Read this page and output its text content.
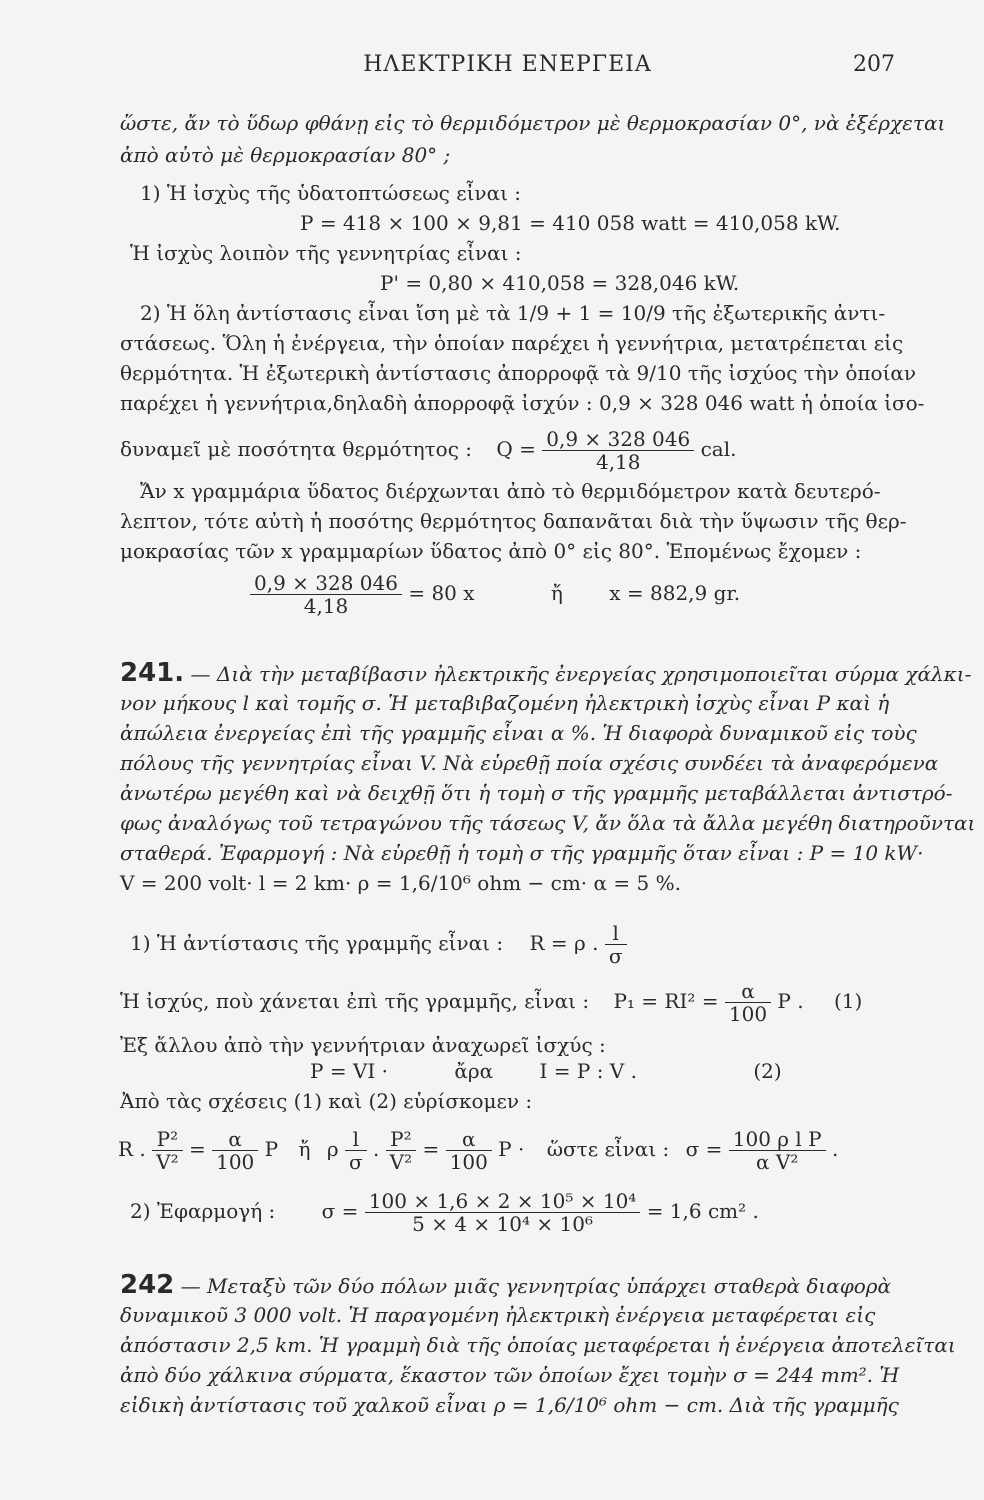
ΗΛΕΚΤΡΙΚΗ ΕΝΕΡΓΕΙΑ	207
ὥστε, ἄν τὸ ὕδωρ φθάνῃ εἰς τὸ θερμιδόμετρον μὲ θερμοκρασίαν 0°, νὰ ἐξέρχεται
ἀπὸ αὐτὸ μὲ θερμοκρασίαν 80° ;
1) Ἡ ἰσχὺς τῆς ὑδατοπτώσεως εἶναι :
P = 418 × 100 × 9,81 = 410 058 watt = 410,058 kW.
Ἡ ἰσχὺς λοιπὸν τῆς γεννητρίας εἶναι :
P' = 0,80 × 410,058 = 328,046 kW.
2) Ἡ ὅλη ἀντίστασις εἶναι ἴση μὲ τὰ 1/9 + 1 = 10/9 τῆς ἐξωτερικῆς ἀντι-
στάσεως. Ὅλη ἡ ἐνέργεια, τὴν ὁποίαν παρέχει ἡ γεννήτρια, μετατρέπεται εἰς
θερμότητα. Ἡ ἐξωτερικὴ ἀντίστασις ἀπορροφᾷ τὰ 9/10 τῆς ἰσχύος τὴν ὁποίαν
παρέχει ἡ γεννήτρια,δηλαδὴ ἀπορροφᾷ ἰσχύν : 0,9 × 328 046 watt ἡ ὁποία ἰσο-
δυναμεῖ μὲ ποσότητα θερμότητος : $Q = \frac{0,9 \times 328 046}{4,18}$ cal.
Ἄν x γραμμάρια ὕδατος διέρχωνται ἀπὸ τὸ θερμιδόμετρον κατὰ δευτερό-
λεπτον, τότε αὐτὴ ἡ ποσότης θερμότητος δαπανᾶται διὰ τὴν ὕψωσιν τῆς θερ-
μοκρασίας τῶν x γραμμαρίων ὕδατος ἀπὸ 0° εἰς 80°. Ἑπομένως ἔχομεν :
$\frac{0,9 \times 328 046}{4,18} = 80$ x	ἤ x = 882,9 gr.
241. — Διὰ τὴν μεταβίβασιν ἠλεκτρικῆς ἐνεργείας χρησιμοποιεῖται σύρμα χάλκι-
νον μήκους l καὶ τομῆς σ. Ἡ μεταβιβαζομένη ἠλεκτρικὴ ἰσχὺς εἶναι P καὶ ἡ
ἀπώλεια ἐνεργείας ἐπὶ τῆς γραμμῆς εἶναι α %. Ἡ διαφορὰ δυναμικοῦ εἰς τοὺς
πόλους τῆς γεννητρίας εἶναι V. Νὰ εὑρεθῇ ποία σχέσις συνδέει τὰ ἀναφερόμενα
ἀνωτέρω μεγέθη καὶ νὰ δειχθῇ ὅτι ἡ τομὴ σ τῆς γραμμῆς μεταβάλλεται ἀντιστρό-
φως ἀναλόγως τοῦ τετραγώνου τῆς τάσεως V, ἄν ὅλα τὰ ἄλλα μεγέθη διατηροῦνται
σταθερά. Ἐφαρμογή : Νὰ εὑρεθῇ ἡ τομὴ σ τῆς γραμμῆς ὅταν εἶναι : P = 10 kW·
V = 200 volt· l = 2 km· ρ = 1,6/10⁶ ohm − cm· α = 5 %.
1) Ἡ ἀντίστασις τῆς γραμμῆς εἶναι : R = ρ . $\frac{l}{\sigma}$
Ἡ ἰσχύς, ποὺ χάνεται ἐπὶ τῆς γραμμῆς, εἶναι : $P_1 = RI^2 = \frac{\alpha}{100}$ P . (1)
Ἐξ ἄλλου ἀπὸ τὴν γεννήτριαν ἀναχωρεῖ ἰσχύς :
P = VI ·	ἄρα I = P : V .	(2)
Ἀπὸ τὰς σχέσεις (1) καὶ (2) εὑρίσκομεν :
R . $\frac{\text{P²}}{\text{V²}} = \frac{\alpha}{100}$ P ἤ ρ $\frac{l}{\sigma}$ . $\frac{\text{P²}}{\text{V²}} = \frac{\alpha}{100}$ P · ὥστε εἶναι : $\sigma = \frac{\text{100 ρ l P}}{\text{α V²}}$ .
2) Ἐφαρμογή : $\sigma = \frac{\text{100 × 1,6 × 2 × 10⁵ × 10⁴}}{\text{5 × 4 × 10⁴ × 10⁶}} = 1,6$ cm² .
242 — Μεταξὺ τῶν δύο πόλων μιᾶς γεννητρίας ὑπάρχει σταθερὰ διαφορὰ
δυναμικοῦ 3 000 volt. Ἡ παραγομένη ἠλεκτρικὴ ἐνέργεια μεταφέρεται εἰς
ἀπόστασιν 2,5 km. Ἡ γραμμὴ διὰ τῆς ὁποίας μεταφέρεται ἡ ἐνέργεια ἀποτελεῖται
ἀπὸ δύο χάλκινα σύρματα, ἕκαστον τῶν ὁποίων ἔχει τομὴν σ = 244 mm². Ἡ
εἰδικὴ ἀντίστασις τοῦ χαλκοῦ εἶναι ρ = 1,6/10⁶ ohm − cm. Διὰ τῆς γραμμῆς
